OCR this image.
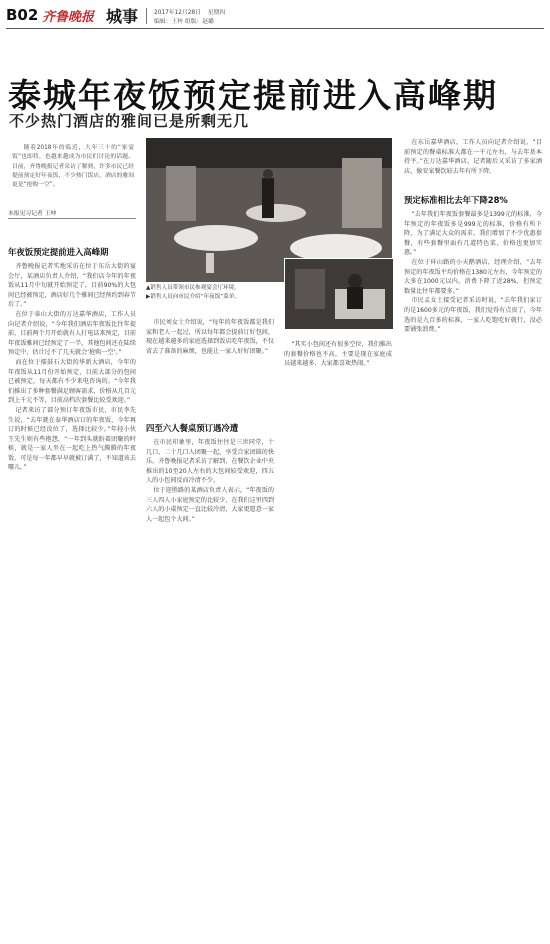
B02 齐鲁晚报 城事	2017年12月28日 星期四
编辑：王梓 组版：赵璐
泰城年夜饭预定提前进入高峰期
不少热门酒店的雅间已是所剩无几
随着2018年的临近，大年三十的“家宴饭”也即将，也越来越成为市民们讨论的话题。目前，齐鲁晚报记者采访了解到，许多市民已经提前预定好年夜饭，不少热门饭店，酒店的雅间更是“抢购一空”。
本报见习记者 王坤
▲销售人员带领市民参观宴会厅环境。
▶销售人员向市民介绍“年夜饭”菜单。
年夜饭预定提前进入高峰期

齐鲁晚报记者实地采访在位于东岳大街的宴会厅，某酒店负责人介绍，“我们店今年的年夜饭从11月中旬就开始预定了，目前90%的大包间已经被预定，酒店好几个雅间已经预约到春节后了。”

在位于泰山大街的万达嘉华酒店，工作人员向记者介绍说，“今年我们酒店年夜饭比往年提前，目前两个月开始就有人打电话来预定，目前年夜饭雅间已经预定了一半，其他包间还在陆续预定中，估计过不了几天就会‘抢购一空’。”

而在位于擂鼓石大街的华新大酒店，今年的年夜饭从11月份开始预定，目前大部分的包间已被预定，每天都有不少来电咨询的。“今年我们推出了多种套餐满足顾客需求，价格从几百元到上千元不等，目前高档次套餐比较受欢迎。”

记者来访了部分预订年夜饭市民，市民李先生说，“去年就在泰华酒店订的年夜饭，今年再订的时候已经没位了，选择比较少。”年轻小伙王先生则有些抱怨，“一年到头就盼着团聚的时候，就是一家人坐在一起吃上热气腾腾的年夜饭，可是每一年都早早就被订满了，不知道该去哪儿。”

市民刘女士介绍说，“每年的年夜饭都是我们家和老人一起过，所以每年都会提前订好包间，现在越来越多的家庭选择到饭店吃年夜饭，不仅省去了准备的麻烦，也能让一家人好好团聚。”

四至六人餐桌预订遇冷遭

在市民印象里，年夜饭往往是三世同堂，十几口、二十几口人团聚一起，享受合家团圆的快乐。齐鲁晚报记者采访了解到，在餐饮企业中央推出的10至20人左右的大包间较受欢迎，四五人的小包间反而冷清不少。

位于迎胜路的某酒店负责人表示，“年夜饭的三人四人小家庭预定的比较少，在我们这里四到六人的小桌预定一直比较冷清，大家更愿意一家人一起包个大间。”

“其实小包间还有很多空位，我们推出的套餐价格也不高，主要是现在家庭成员越来越多，大家都喜欢热闹。”

在东岳嘉华酒店，工作人员向记者介绍说，“目前预定的餐桌标准大都在一千元左右，与去年基本持平。”在万达嘉华酒店，记者随后又采访了多家酒店，像安家餐饮较去年有所下降。

预定标准相比去年下降28%

“去年我们年夜饭套餐最多是1399元的标准，今年预定的年夜饭多是999元的标准，价格有所下降，为了满足大众的需求，我们增加了不少优惠套餐，有些套餐里面有几道特色菜，价格也更加实惠。”

在位于环山路的小天鹅酒店，经理介绍，“去年预定的年夜饭平均价格在1380元左右，今年预定的大多在1000元以内，消费下降了近28%，但预定数量比往年都要多。”

市民孟女士接受记者采访时说，“去年我们家订的是1600多元的年夜饭，我们觉得有点贵了，今年选的是九百多的标准，一家人吃饱吃好就行，没必要铺张浪费。”
